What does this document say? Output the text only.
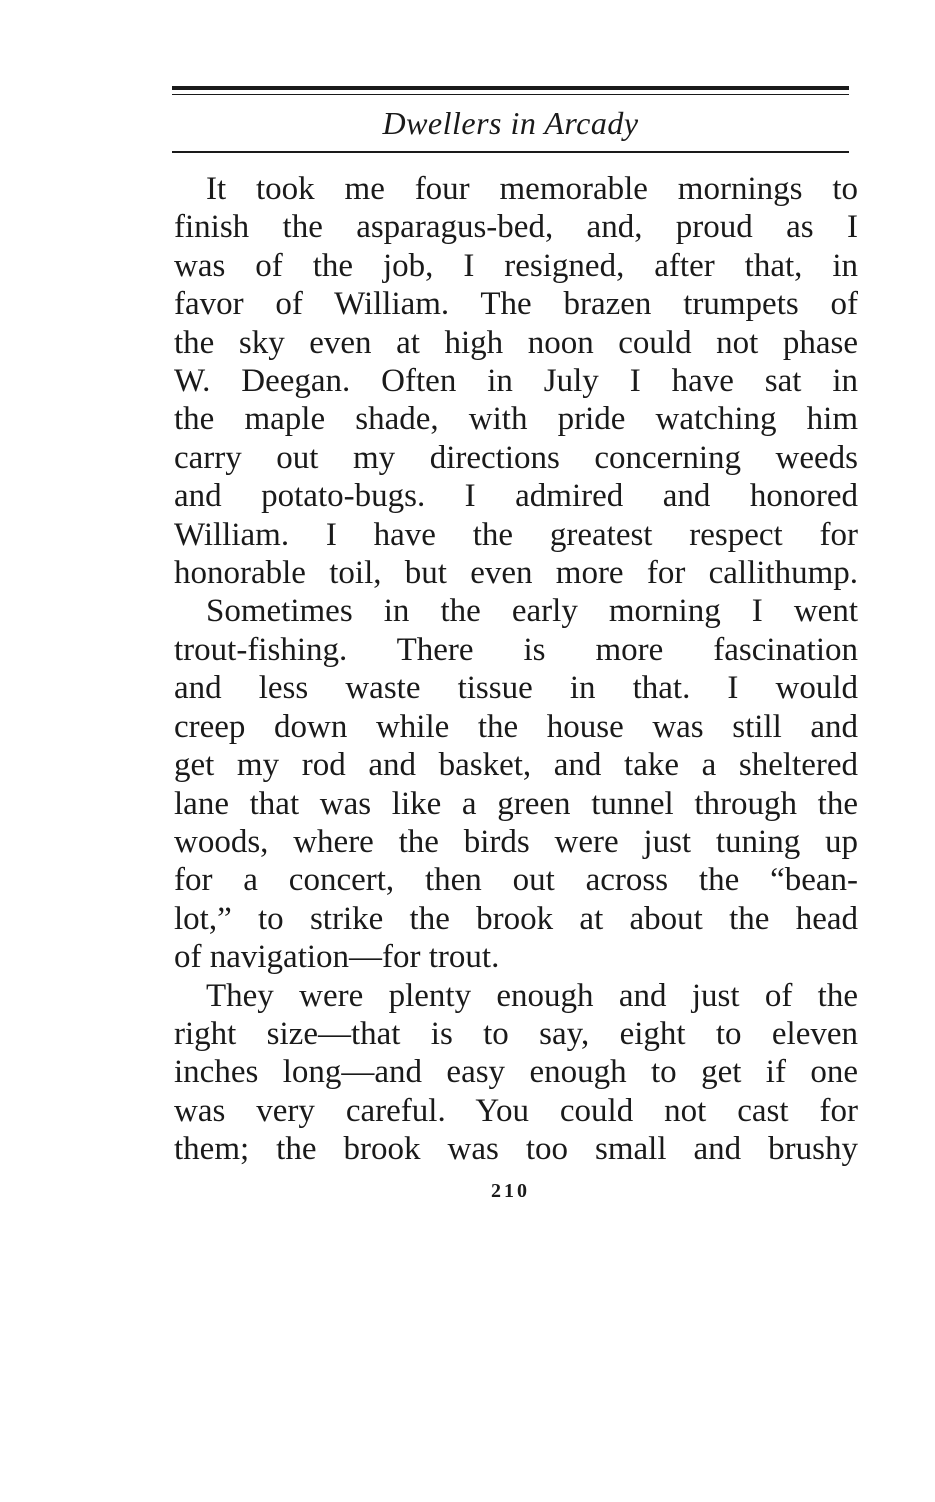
Dwellers in Arcady
It took me four memorable mornings to
finish the asparagus-bed, and, proud as I
was of the job, I resigned, after that, in
favor of William. The brazen trumpets of
the sky even at high noon could not phase
W. Deegan. Often in July I have sat in
the maple shade, with pride watching him
carry out my directions concerning weeds
and potato-bugs. I admired and honored
William. I have the greatest respect for
honorable toil, but even more for callithump.
Sometimes in the early morning I went
trout-fishing. There is more fascination
and less waste tissue in that. I would
creep down while the house was still and
get my rod and basket, and take a sheltered
lane that was like a green tunnel through the
woods, where the birds were just tuning up
for a concert, then out across the “bean-
lot,” to strike the brook at about the head
of navigation—for trout.
They were plenty enough and just of the
right size—that is to say, eight to eleven
inches long—and easy enough to get if one
was very careful. You could not cast for
them; the brook was too small and brushy
210
